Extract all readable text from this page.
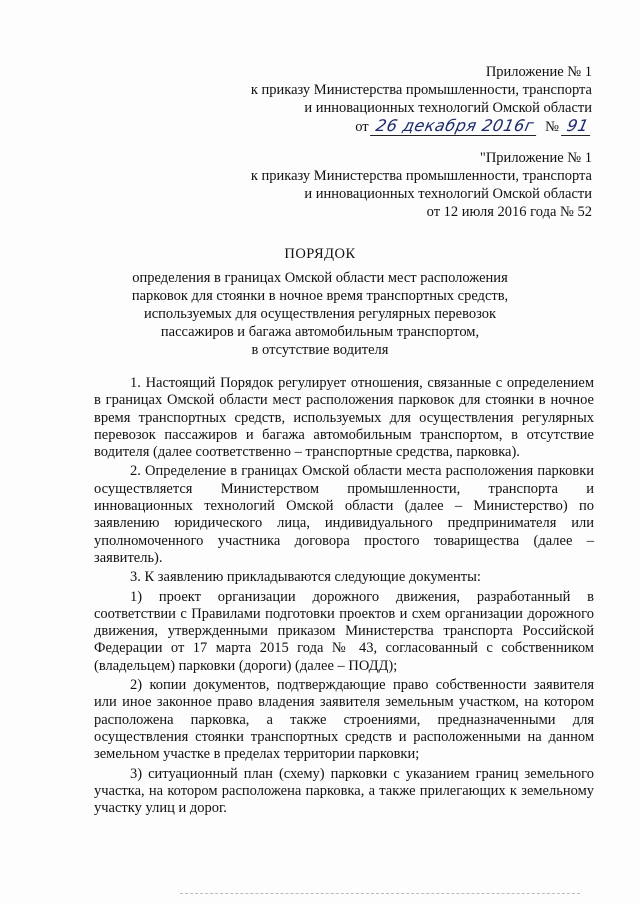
Приложение № 1
к приказу Министерства промышленности, транспорта
и инновационных технологий Омской области
от 26 декабря 2016г № 91
"Приложение № 1
к приказу Министерства промышленности, транспорта
и инновационных технологий Омской области
от 12 июля 2016 года № 52
ПОРЯДОК
определения в границах Омской области мест расположения
парковок для стоянки в ночное время транспортных средств,
используемых для осуществления регулярных перевозок
пассажиров и багажа автомобильным транспортом,
в отсутствие водителя

1. Настоящий Порядок регулирует отношения, связанные с определением в границах Омской области мест расположения парковок для стоянки в ночное время транспортных средств, используемых для осуществления регулярных перевозок пассажиров и багажа автомобильным транспортом, в отсутствие водителя (далее соответственно – транспортные средства, парковка).

2. Определение в границах Омской области места расположения парковки осуществляется Министерством промышленности, транспорта и инновационных технологий Омской области (далее – Министерство) по заявлению юридического лица, индивидуального предпринимателя или уполномоченного участника договора простого товарищества (далее – заявитель).

3. К заявлению прикладываются следующие документы:

1) проект организации дорожного движения, разработанный в соответствии с Правилами подготовки проектов и схем организации дорожного движения, утвержденными приказом Министерства транспорта Российской Федерации от 17 марта 2015 года № 43, согласованный с собственником (владельцем) парковки (дороги) (далее – ПОДД);

2) копии документов, подтверждающие право собственности заявителя или иное законное право владения заявителя земельным участком, на котором расположена парковка, а также строениями, предназначенными для осуществления стоянки транспортных средств и расположенными на данном земельном участке в пределах территории парковки;

3) ситуационный план (схему) парковки с указанием границ земельного участка, на котором расположена парковка, а также прилегающих к земельному участку улиц и дорог.
